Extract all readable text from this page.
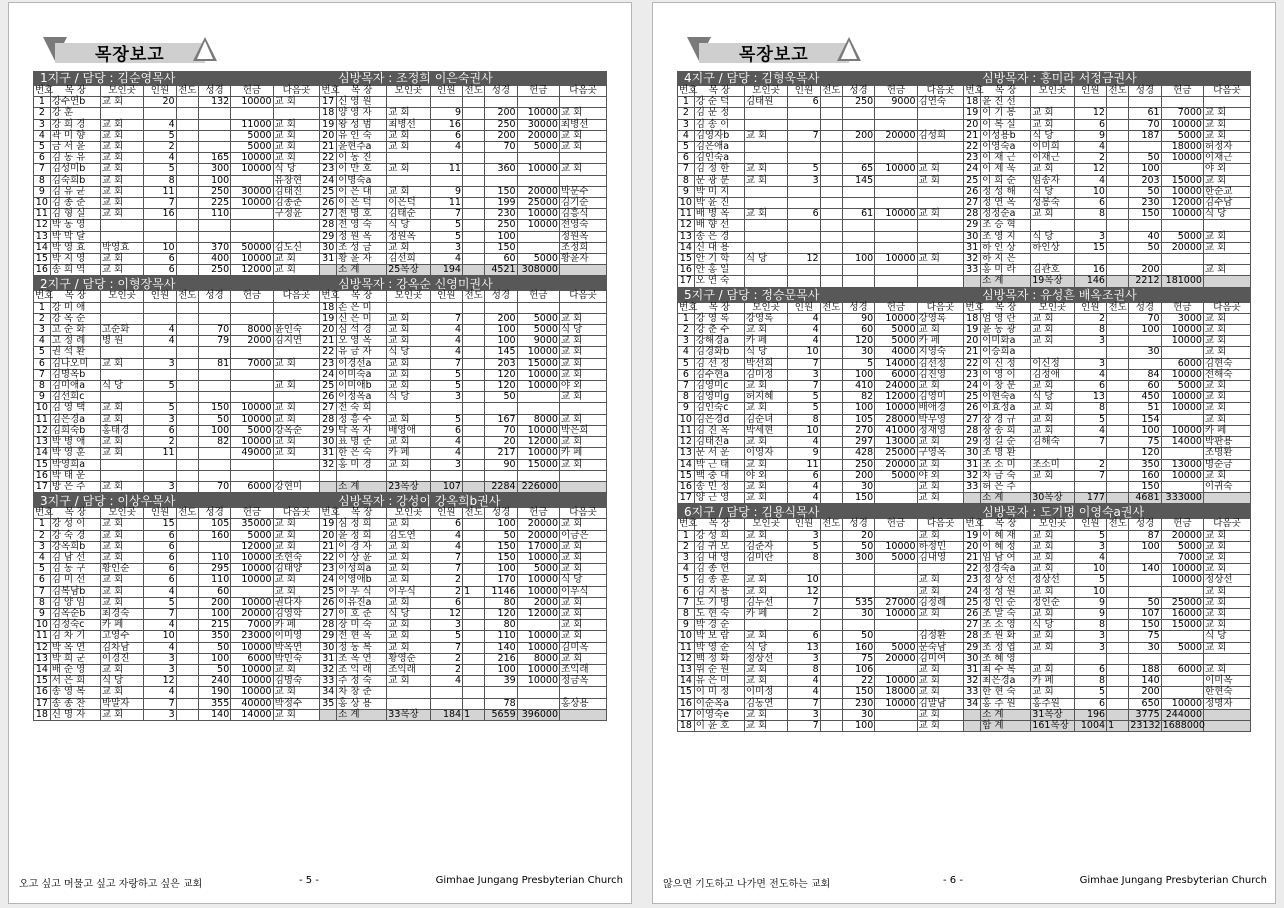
목장보고
1지구 / 담당 : 김순영목사									심방목자 : 조정희 이은숙권사						
번호	목 장	모인곳	인원	전도	성경	헌금	다음곳	번호	목 장	모인곳	인원	전도	성경	헌금	다음곳
1	강수연b	교 회	20		132	10000	교 회	17	신 영 원						
2	강 훈							18	양 영 자	교 회	9		200	10000	교 회
3	강 희 경	교 회	4			11000	교 회	19	왕 성 범	최병선	16		250	30000	최병선
4	곽 미 향	교 회	5			5000	교 회	20	유 인 숙	교 회	6		200	20000	교 회
5	금 서 윤	교 회	2			5000	교 회	21	윤현주a	교 회	4		70	5000	교 회
6	김 동 유	교 회	4		165	10000	교 회	22	이 동 진						
7	김성미b	교 회	5		300	10000	식 당	23	이 만 호	교 회	11		360	10000	교 회
8	김숙희b	교 회	8		100		유창현	24	이명숙a						
9	김 유 균	교 회	11		250	30000	김태진	25	이 은 대	교 회	9		150	20000	박문수
10	김 종 준	교 회	7		225	10000	김종준	26	이 은 덕	이은덕	11		199	25000	김기순
11	김 형 실	교 회	16		110		구정윤	27	전 명 호	김태순	7		230	10000	김흥식
12	박 동 영							28	전 영 숙	식 당	5		250	10000	전영숙
13	박 막 달							29	정 원 옥	정원옥	5		100		정원옥
14	박 영 효	박영효	10		370	50000	김도신	30	조 성 금	교 회	3		150		조정희
15	박 지 영	교 회	6		400	10000	교 회	31	황 윤 자	김선희	4		60	5000	황윤자
16	송 희 역	교 회	6		250	12000	교 회		소 계	25목장	194		4521	308000	
2지구 / 담당 : 이형장목사									심방목자 : 강옥순 신영미권사						
번호	목 장	모인곳	인원	전도	성경	헌금	다음곳	번호	목 장	모인곳	인원	전도	성경	헌금	다음곳
1	강 미 애							18	손 은 미						
2	강 옥 순							19	신 은 미	교 회	7		200	5000	교 회
3	고 순 화	고순화	4		70	8000	윤인숙	20	심 석 경	교 회	4		100	5000	식 당
4	고 정 례	병 원	4		79	2000	김지연	21	오 영 옥	교 회	4		100	9000	교 회
5	권 석 환							22	유 금 자	식 당	4		145	10000	교 회
6	김나오미	교 회	3		81	7000	교 회	23	이경선a	교 회	7		203	15000	교 회
7	김명옥b							24	이미숙a	교 회	5		120	10000	교 회
8	김미애a	식 당	5				교 회	25	이미애b	교 회	5		120	10000	야 외
9	김선희c							26	이정옥a	식 당	3		50		교 회
10	김 영 택	교 회	5		150	10000	교 회	27	전 숙 희						
11	김은경a	교 회	3		50	10000	교 회	28	정 흥 수	교 회	5		167	8000	교 회
12	김희숙b	홍태경	6		100	5000	강옥순	29	탁 옥 자	배영애	6		70	10000	박은희
13	박 병 애	교 회	2		82	10000	교 회	30	표 명 준	교 회	4		20	12000	교 회
14	박 영 훈	교 회	11			49000	교 회	31	한 은 숙	카 페	4		217	10000	카 페
15	박영희a							32	홍 미 경	교 회	3		90	15000	교 회
16	박 태 운														
17	방 은 주	교 회	3		70	6000	강현미		소 계	23목장	107		2284	226000	
3지구 / 담당 : 이상우목사									심방목자 : 강성이 강옥희b권사						
번호	목 장	모인곳	인원	전도	성경	헌금	다음곳	번호	목 장	모인곳	인원	전도	성경	헌금	다음곳
1	강 성 이	교 회	15		105	35000	교 회	19	심 정 희	교 회	6		100	20000	교 회
2	강 숙 경	교 회	6		160	5000	교 회	20	윤 정 희	김도연	4		50	20000	이금은
3	강옥희b	교 회	6			12000	교 회	21	이 경 자	교 회	4		150	17000	교 회
4	김 남 선	교 회	6		110	10000	조현숙	22	이 상 윤	교 회	7		150	10000	교 회
5	김 동 구	황인순	6		295	10000	김태양	23	이성희a	교 회	7		100	5000	교 회
6	김 미 선	교 회	6		110	10000	교 회	24	이영애b	교 회	2		170	10000	식 당
7	김복남b	교 회	4		60		교 회	25	이 우 식	이우식	2	1	1146	10000	이우식
8	김 양 임	교 회	5		200	10000	권다자	26	이유진a	교 회	6		80	2000	교 회
9	김옥순b	최경숙	7		100	20000	김영학	27	이 호 준	식 당	12		120	12000	교 회
10	김정숙c	카 페	4		215	7000	카 페	28	장 미 숙	교 회	3		80		교 회
11	김 차 기	고영수	10		350	23000	이미영	29	전 현 옥	교 회	5		110	10000	교 회
12	박 옥 연	김차남	4		50	10000	박옥연	30	정 동 복	교 회	7		140	10000	김미옥
13	박 희 군	이경진	3		100	6000	박민숙	31	조 옥 연	황영순	2		216	8000	교 회
14	배 순 영	교 회	3		50	10000	교 회	32	조 익 래	조익래	2		100	10000	조익래
15	서 은 희	식 당	12		240	10000	김명숙	33	주 정 숙	교 회	4		39	10000	정금옥
16	송 영 복	교 회	4		190	10000	교 회	34	차 창 준						
17	송 종 찬	박말자	7		355	40000	박정수	35	홍 상 용				78		홍상용
18	신 명 자	교 회	3		140	14000	교 회		소 계	33목장	184	1	5659	396000	
오고 싶고 머물고 싶고 자랑하고 싶은 교회	- 5 -	Gimhae Jungang Presbyterian Church
목장보고
4지구 / 담당 : 김형욱목사									심방목자 : 홍미라 서정금권사						
번호	목 장	모인곳	인원	전도	성경	헌금	다음곳	번호	목 장	모인곳	인원	전도	성경	헌금	다음곳
1	강 순 덕	김태원	6		250	9000	김연숙	18	윤 진 선						
2	김 문 정							19	이 기 봉	교 회	12		61	7000	교 회
3	김 송 이							20	이 복 실	교 회	6		70	10000	교 회
4	김영자b	교 회	7		200	20000	김성희	21	이성용b	식 당	9		187	5000	교 회
5	김은애a							22	이영숙a	이미희	4			18000	허정자
6	김인숙a							23	이 재 근	이재근	2		50	10000	이재근
7	김 정 한	교 회	5		65	10000	교 회	24	이 제 욱	교 회	12		100		야 외
8	문 광 분	교 회	3		145		교 회	25	이 희 순	임송자	4		203	15000	교 회
9	박 미 지							26	정 성 해	식 당	10		50	10000	한순교
10	박 윤 진							27	정 연 옥	성봉숙	6		230	12000	김수남
11	배 병 옥	교 회	6		61	10000	교 회	28	정정순a	교 회	8		150	10000	식 당
12	배 향 선							29	조 승 혁						
13	송 은 경							30	조 영 지	식 당	3		40	5000	교 회
14	신 대 용							31	하 인 상	하인상	15		50	20000	교 회
15	안 기 학	식 당	12		100	10000	교 회	32	하 지 은						
16	안 홍 일							33	홍 미 라	김관호	16		200		교 회
17	오 연 숙								소 계	19목장	146		2212	181000	
5지구 / 담당 : 정승문목사									심방목자 : 유성흔 배옥조권사						
번호	목 장	모인곳	인원	전도	성경	헌금	다음곳	번호	목 장	모인곳	인원	전도	성경	헌금	다음곳
1	강 영 록	강영록	4		90	10000	강영록	18	엄 영 란	교 회	2		70	3000	교 회
2	강 춘 수	교 회	4		60	5000	교 회	19	윤 동 광	교 회	8		100	10000	교 회
3	강해경a	카 페	4		120	5000	카 페	20	이미화a	교 회	3			10000	교 회
4	김경화b	식 당	10		30	4000	지영숙	21	이승희a				30		교 회
5	김 선 정	박선희	7		5	14000	김선정	22	이 신 정	이신정	3			6000	김현숙
6	김수현a	김미정	3		100	6000	김진영	23	이 영 이	김정애	4		84	10000	전해숙
7	김영미c	교 회	7		410	24000	교 회	24	이 창 분	교 회	6		60	5000	교 회
8	김영미g	허지혜	5		82	12000	김영미	25	이현숙a	식 당	13		450	10000	교 회
9	김인숙c	교 회	5		100	10000	배애경	26	이효정a	교 회	8		51	10000	교 회
10	김은경d	김순녀	8		105	28000	박무영	27	장 경 규	교 회	5		154		교 회
11	김 진 옥	박세현	10		270	41000	정재영	28	장 송 희	교 회	4		100	10000	카 페
12	김태진a	교 회	4		297	13000	교 회	29	정 길 순	김해숙	7		75	14000	박판용
13	문 서 운	이영자	9		428	25000	구영옥	30	조 명 환				120		조명환
14	박 근 태	교 회	11		250	20000	교 회	31	조 소 미	조소미	2		350	13000	명순금
15	백 중 대	야 외	6		200	5000	야 외	32	차 금 숙	교 회	7		160	10000	교 회
16	송 민 정	교 회	4		30		교 회	33	허 은 주				150		이귀숙
17	양 근 영	교 회	4		150		교 회		소 계	30목장	177		4681	333000	
6지구 / 담당 : 김용식목사									심방목자 : 도기명 이영숙a권사						
번호	목 장	모인곳	인원	전도	성경	헌금	다음곳	번호	목 장	모인곳	인원	전도	성경	헌금	다음곳
1	강 성 희	교 회	3		20		교 회	19	이 혜 재	교 회	5		87	20000	교 회
2	김 귀 모	김준자	5		50	10000	하정민	20	이 혜 정	교 회	3		100	5000	교 회
3	김 내 영	김미란	8		300	5000	김내영	21	임 남 여	교 회	4			7000	교 회
4	김 종 헌							22	정경숙a	교 회	10		140	10000	교 회
5	김 종 훈	교 회	10				교 회	23	정 상 선	정상선	5			10000	정상선
6	김 지 용	교 회	12				교 회	24	정 성 원	교 회	10				교 회
7	도 기 명	김두선	7		535	27000	김정례	25	정 인 순	정인순	9		50	25000	교 회
8	도 현 숙	카 페	2		30	10000	교 회	26	조 말 숙	교 회	9		107	16000	교 회
9	박 경 순							27	조 소 영	식 당	8		150	15000	교 회
10	박 보 람	교 회	6		50		김정환	28	조 원 화	교 회	3		75		식 당
11	박 영 순	식 당	13		160	5000	문숙남	29	조 정 엽	교 회	3		30	5000	교 회
12	백 정 화	정상선	3		75	20000	김미여	30	조 혜 영						
13	위 순 원	교 회	8		106		교 회	31	최 수 복	교 회	6		188	6000	교 회
14	유 은 미	교 회	4		22	10000	교 회	32	최은경a	카 페	8		140		이미옥
15	이 미 정	이미정	4		150	18000	교 회	33	한 현 숙	교 회	5		200		한현숙
16	이순옥a	김동연	7		230	10000	김말남	34	홍 주 원	홍주원	6		650	10000	정명자
17	이영숙e	교 회	3		30		교 회		소 계	31목장	196		3775	244000	
18	이 윤 호	교 회	7		100		교 회		합 계	161목장	1004	1	23132	1688000	
않으면 기도하고 나가면 전도하는 교회	- 6 -	Gimhae Jungang Presbyterian Church
